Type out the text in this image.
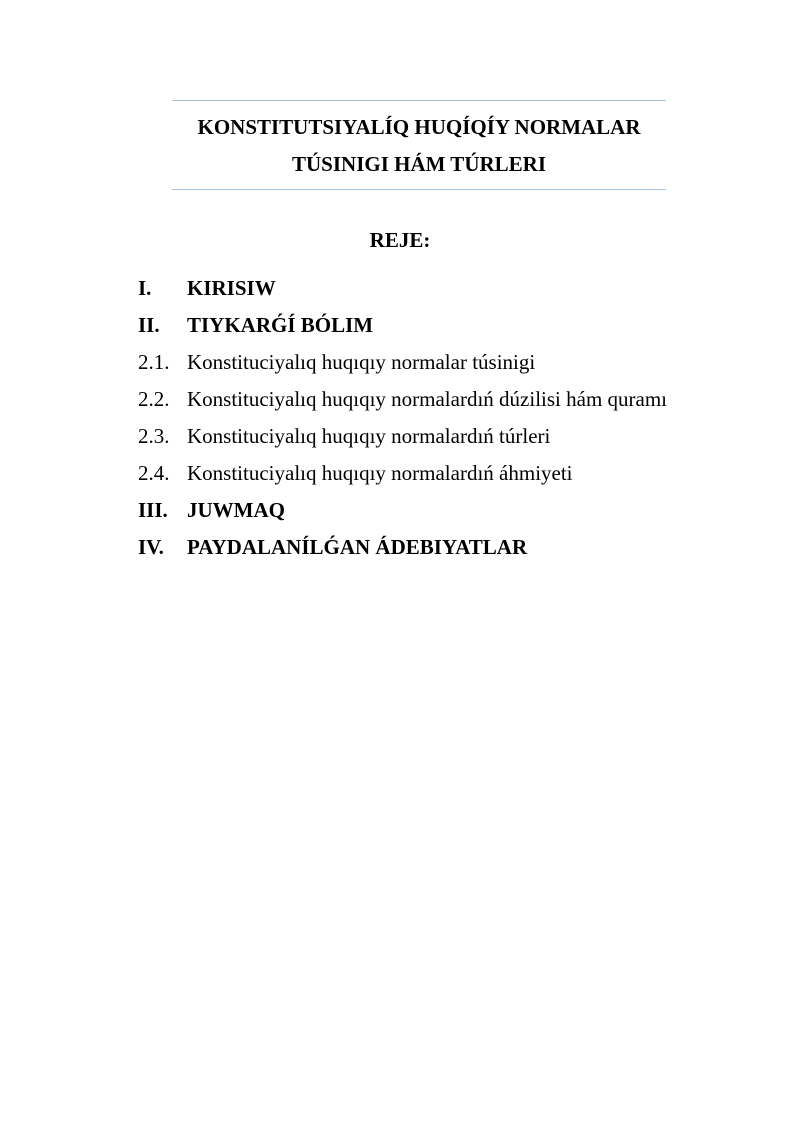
KONSTITUTSIYALÍQ HUQÍQÍY NORMALAR
TÚSINIGI HÁM TÚRLERI
REJE:
I. KIRISIW
II. TIYKARǴÍ BÓLIM
2.1. Konstituciyalıq huqıqıy normalar túsinigi
2.2. Konstituciyalıq huqıqıy normalardıń dúzilisi hám quramı
2.3. Konstituciyalıq huqıqıy normalardıń túrleri
2.4. Konstituciyalıq huqıqıy normalardıń áhmiyeti
III. JUWMAQ
IV. PAYDALANÍLǴAN ÁDEBIYATLAR
